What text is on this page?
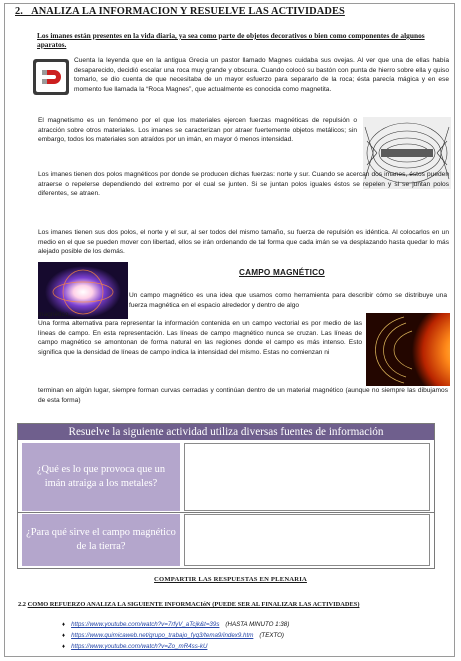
2. ANALIZA LA INFORMACION Y RESUELVE LAS ACTIVIDADES
Los imanes están presentes en la vida diaria, ya sea como parte de objetos decorativos o bien como componentes de algunos aparatos.
Cuenta la leyenda que en la antigua Grecia un pastor llamado Magnes cuidaba sus ovejas. Al ver que una de ellas había desaparecido, decidió escalar una roca muy grande y obscura. Cuando colocó su bastón con punta de hierro sobre ella y quiso tomarlo, se dio cuenta de que necesitaba de un mayor esfuerzo para separarlo de la roca; ésta parecía mágica y en ese momento fue llamada la “Roca Magnes”, que actualmente es conocida como magnetita.
El magnetismo es un fenómeno por el que los materiales ejercen fuerzas magnéticas de repulsión o atracción sobre otros materiales. Los imanes se caracterizan por atraer fuertemente objetos metálicos; sin embargo, todos los materiales son atraídos por un imán, en mayor ó menos intensidad.
Los imanes tienen dos polos magnéticos por donde se producen dichas fuerzas: norte y sur. Cuando se acercan dos imanes, éstos pueden atraerse o repelerse dependiendo del extremo por el cual se junten. Si se juntan polos iguales éstos se repelen y si se juntan polos diferentes, se atraen.
Los imanes tienen sus dos polos, el norte y el sur, al ser todos del mismo tamaño, su fuerza de repulsión es idéntica. Al colocarlos en un medio en el que se pueden mover con libertad, ellos se irán ordenando de tal forma que cada imán se va desplazando hasta quedar lo más alejado posible de los demás.
CAMPO MAGNÉTICO
Un campo magnético es una idea que usamos como herramienta para describir cómo se distribuye una fuerza magnética en el espacio alrededor y dentro de algo
magnético.
Una forma alternativa para representar la información contenida en un campo vectorial es por medio de las líneas de campo. En esta representación. Las líneas de campo magnético nunca se cruzan. Las líneas de campo magnético se amontonan de forma natural en las regiones donde el campo es más intenso. Esto significa que la densidad de líneas de campo indica la intensidad del mismo. Estas no comienzan ni
terminan en algún lugar, siempre forman curvas cerradas y continúan dentro de un material magnético (aunque no siempre las dibujamos de esta forma)
Resuelve la siguiente actividad utiliza diversas fuentes de información
¿Qué es lo que provoca que un imán atraiga a los metales?
¿Para qué sirve el campo magnético de la tierra?
COMPARTIR LAS RESPUESTAS EN PLENARIA
2.2 COMO REFUERZO ANALIZA LA SIGUIENTE INFORMACIóN (PUEDE SER AL FINALIZAR LAS ACTIVIDADES)
♦ https://www.youtube.com/watch?v=7rfyV_aTcjk&t=39s (HASTA MINUTO 1:38)
♦ https://www.quimicaweb.net/grupo_trabajo_fyq3/tema9/index9.htm (TEXTO)
♦ https://www.youtube.com/watch?v=Zo_mR4ss-kU
